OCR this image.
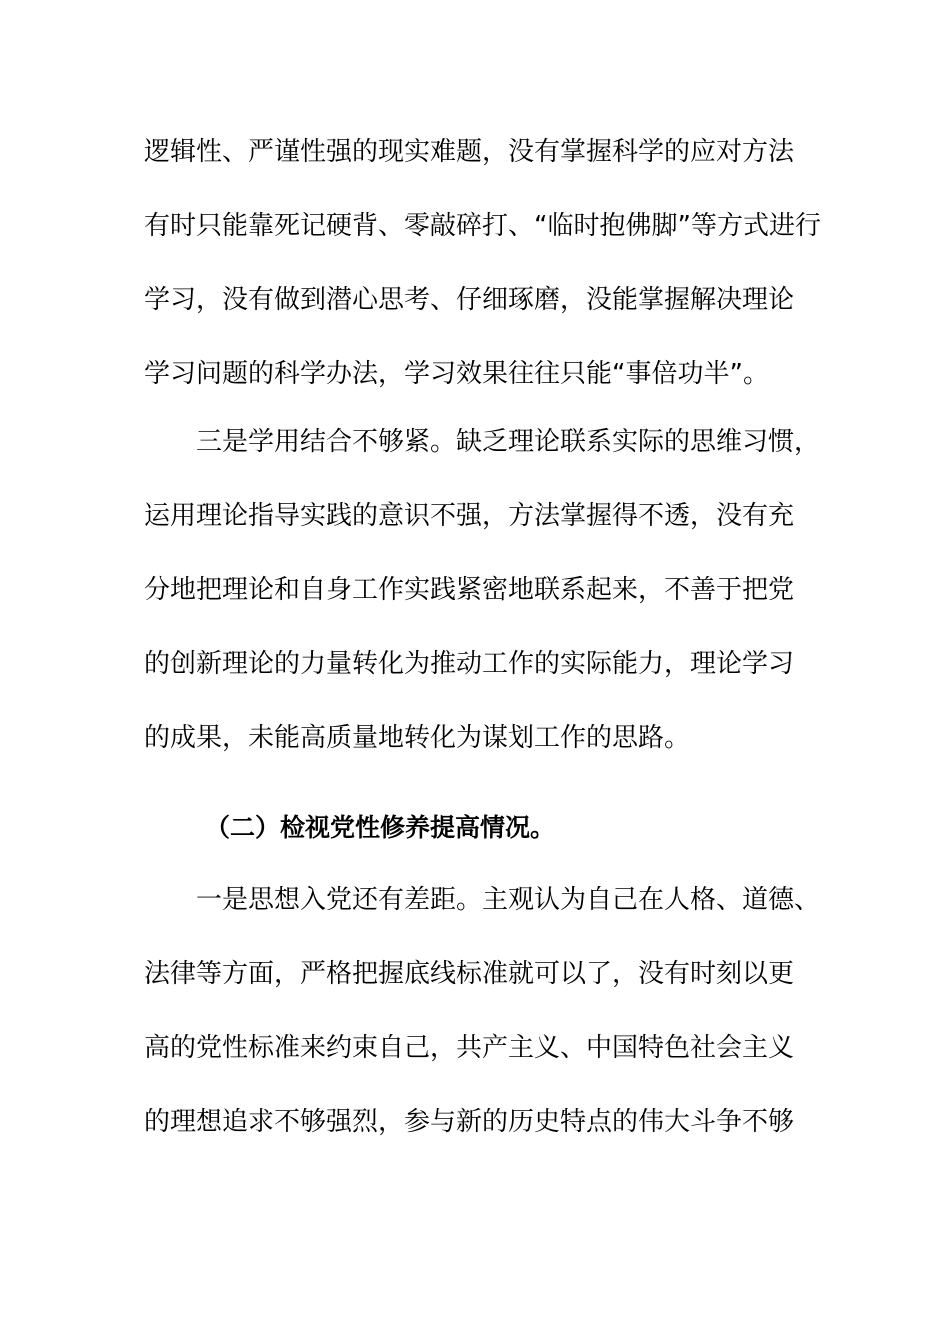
逻辑性、严谨性强的现实难题，没有掌握科学的应对方法
有时只能靠死记硬背、零敲碎打、“临时抱佛脚”等方式进行
学习，没有做到潜心思考、仔细琢磨，没能掌握解决理论
学习问题的科学办法，学习效果往往只能“事倍功半”。
三是学用结合不够紧。缺乏理论联系实际的思维习惯，
运用理论指导实践的意识不强，方法掌握得不透，没有充
分地把理论和自身工作实践紧密地联系起来，不善于把党
的创新理论的力量转化为推动工作的实际能力，理论学习
的成果，未能高质量地转化为谋划工作的思路。
（二）检视党性修养提高情况。
一是思想入党还有差距。主观认为自己在人格、道德、
法律等方面，严格把握底线标准就可以了，没有时刻以更
高的党性标准来约束自己，共产主义、中国特色社会主义
的理想追求不够强烈，参与新的历史特点的伟大斗争不够
